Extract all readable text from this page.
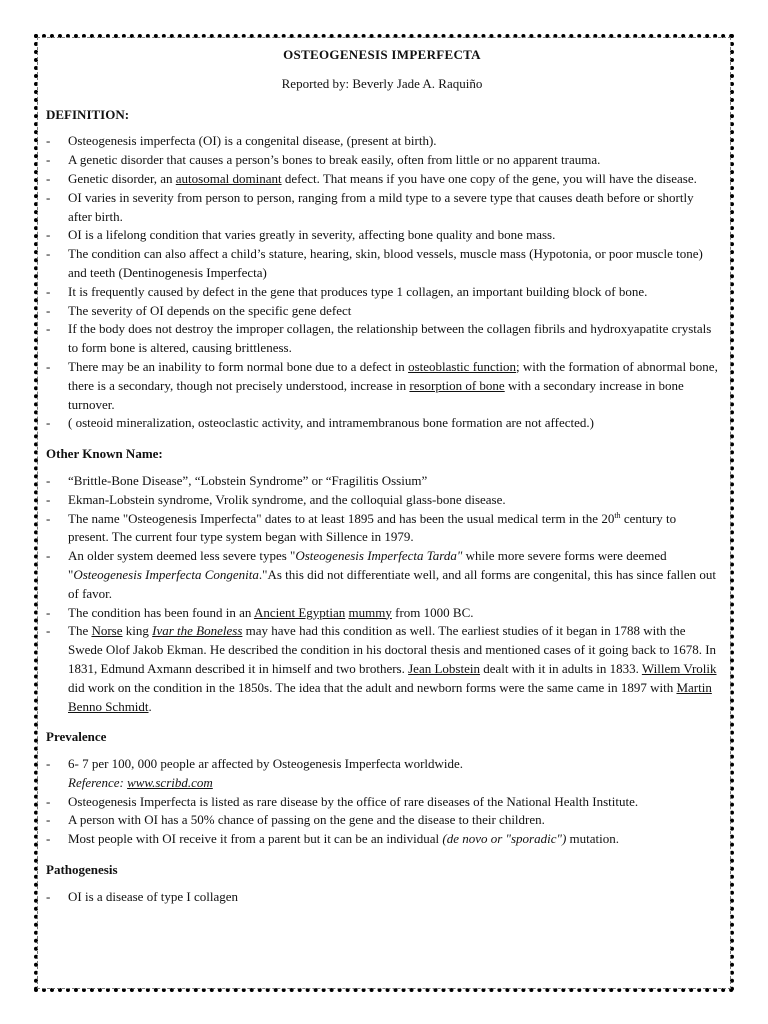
OSTEOGENESIS IMPERFECTA

Reported by: Beverly Jade A. Raquiño

DEFINITION:

- Osteogenesis imperfecta (OI) is a congenital disease, (present at birth).
- A genetic disorder that causes a person’s bones to break easily, often from little or no apparent trauma.
- Genetic disorder, an autosomal dominant defect. That means if you have one copy of the gene, you will have the disease.
- OI varies in severity from person to person, ranging from a mild type to a severe type that causes death before or shortly after birth.
- OI is a lifelong condition that varies greatly in severity, affecting bone quality and bone mass.
- The condition can also affect a child’s stature, hearing, skin, blood vessels, muscle mass (Hypotonia, or poor muscle tone) and teeth (Dentinogenesis Imperfecta)
- It is frequently caused by defect in the gene that produces type 1 collagen, an important building block of bone.
- The severity of OI depends on the specific gene defect
- If the body does not destroy the improper collagen, the relationship between the collagen fibrils and hydroxyapatite crystals to form bone is altered, causing brittleness.
- There may be an inability to form normal bone due to a defect in osteoblastic function; with the formation of abnormal bone, there is a secondary, though not precisely understood, increase in resorption of bone with a secondary increase in bone turnover.
- ( osteoid mineralization, osteoclastic activity, and intramembranous bone formation are not affected.)

Other Known Name:

- “Brittle-Bone Disease”, “Lobstein Syndrome” or “Fragilitis Ossium”
- Ekman-Lobstein syndrome, Vrolik syndrome, and the colloquial glass-bone disease.
- The name "Osteogenesis Imperfecta" dates to at least 1895 and has been the usual medical term in the 20th century to present. The current four type system began with Sillence in 1979.
- An older system deemed less severe types "Osteogenesis Imperfecta Tarda" while more severe forms were deemed "Osteogenesis Imperfecta Congenita."As this did not differentiate well, and all forms are congenital, this has since fallen out of favor.
- The condition has been found in an Ancient Egyptian mummy from 1000 BC.
- The Norse king Ivar the Boneless may have had this condition as well. The earliest studies of it began in 1788 with the Swede Olof Jakob Ekman. He described the condition in his doctoral thesis and mentioned cases of it going back to 1678. In 1831, Edmund Axmann described it in himself and two brothers. Jean Lobstein dealt with it in adults in 1833. Willem Vrolik did work on the condition in the 1850s. The idea that the adult and newborn forms were the same came in 1897 with Martin Benno Schmidt.

Prevalence

- 6- 7 per 100, 000 people ar affected by Osteogenesis Imperfecta worldwide.
Reference: www.scribd.com
- Osteogenesis Imperfecta is listed as rare disease by the office of rare diseases of the National Health Institute.
- A person with OI has a 50% chance of passing on the gene and the disease to their children.
- Most people with OI receive it from a parent but it can be an individual (de novo or "sporadic") mutation.

Pathogenesis

- OI is a disease of type I collagen
